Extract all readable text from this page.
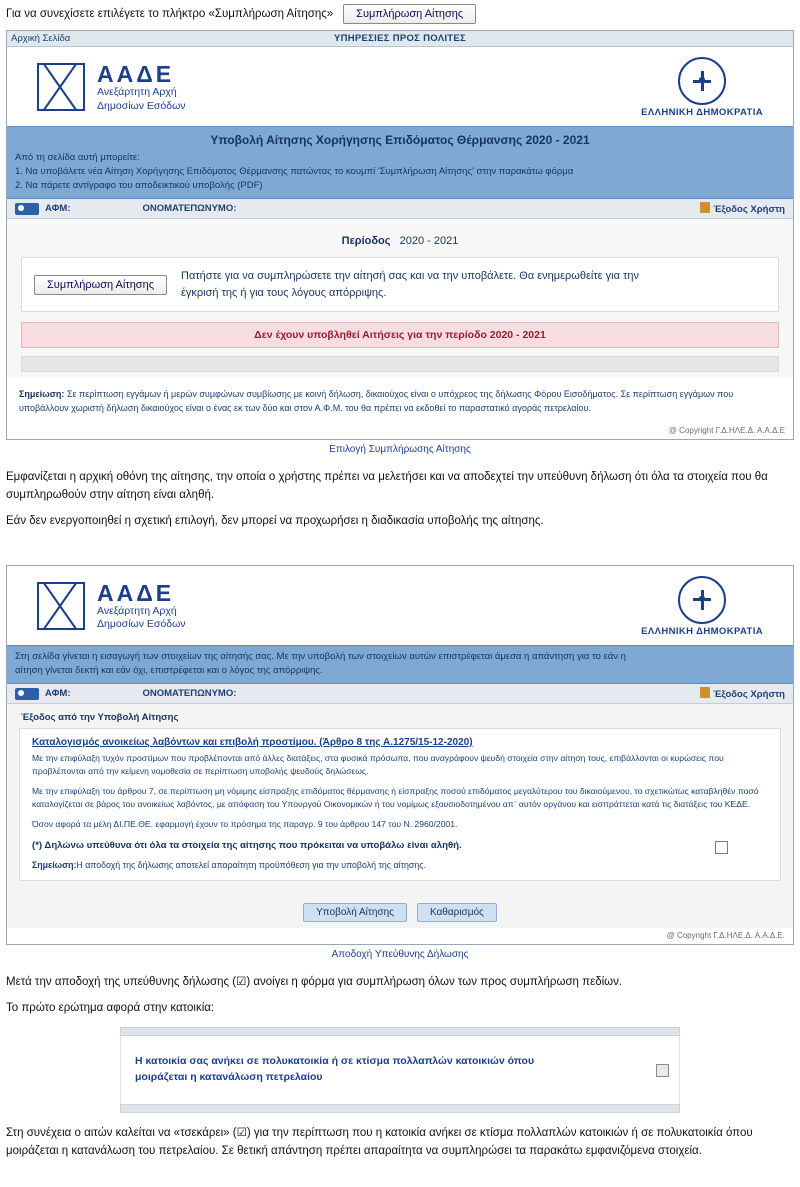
Για να συνεχίσετε επιλέγετε το πλήκτρο «Συμπλήρωση Αίτησης»	Συμπλήρωση Αίτησης
Αρχική Σελίδα	ΥΠΗΡΕΣΙΕΣ ΠΡΟΣ ΠΟΛΙΤΕΣ
ΑΑΔΕ
Ανεξάρτητη Αρχή
Δημοσίων Εσόδων
ΕΛΛΗΝΙΚΗ ΔΗΜΟΚΡΑΤΙΑ
Υποβολή Αίτησης Χορήγησης Επιδόματος Θέρμανσης 2020 - 2021
Από τη σελίδα αυτή μπορείτε:
1. Να υποβάλετε νέα Αίτηση Χορήγησης Επιδόματος Θέρμανσης πατώντας το κουμπί 'Συμπλήρωση Αίτησης' στην παρακάτω φόρμα
2. Να πάρετε αντίγραφο του αποδεικτικού υποβολής (PDF)
ΑΦΜ:	ΟΝΟΜΑΤΕΠΩΝΥΜΟ:	Έξοδος Χρήστη
Περίοδος 2020 - 2021
Συμπλήρωση Αίτησης
Πατήστε για να συμπληρώσετε την αίτησή σας και να την υποβάλετε. Θα ενημερωθείτε για την
έγκρισή της ή για τους λόγους απόρριψης.
Δεν έχουν υποβληθεί Αιτήσεις για την περίοδο 2020 - 2021
Σημείωση: Σε περίπτωση εγγάμων ή μερών συμφώνων συμβίωσης με κοινή δήλωση, δικαιούχος είναι ο υπόχρεος της δήλωσης Φόρου Εισοδήματος. Σε περίπτωση εγγάμων που υποβάλλουν χωριστή δήλωση δικαιούχος είναι ο ένας εκ των δύο και στον Α.Φ.Μ. του θα πρέπει να εκδοθεί το παραστατικό αγοράς πετρελαίου.
@ Copyright Γ.Δ.ΗΛΕ.Δ. Α.Α.Δ.Ε
Επιλογή Συμπλήρωσης Αίτησης

Εμφανίζεται η αρχική οθόνη της αίτησης, την οποία ο χρήστης πρέπει να μελετήσει και να αποδεχτεί την υπεύθυνη δήλωση ότι όλα τα στοιχεία που θα συμπληρωθούν στην αίτηση είναι αληθή.

Εάν δεν ενεργοποιηθεί η σχετική επιλογή, δεν μπορεί να προχωρήσει η διαδικασία υποβολής της αίτησης.

ΑΑΔΕ
Ανεξάρτητη Αρχή
Δημοσίων Εσόδων
ΕΛΛΗΝΙΚΗ ΔΗΜΟΚΡΑΤΙΑ
Στη σελίδα γίνεται η εισαγωγή των στοιχείων της αίτησής σας. Με την υποβολή των στοιχείων αυτών επιστρέφεται άμεσα η απάντηση για το εάν η
αίτηση γίνεται δεκτή και εάν όχι, επιστρέφεται και ο λόγος της απόρριψης.
ΑΦΜ:	ΟΝΟΜΑΤΕΠΩΝΥΜΟ:	Έξοδος Χρήστη
Έξοδος από την Υποβολή Αίτησης
Καταλογισμός ανοικείως λαβόντων και επιβολή προστίμου. (Άρθρο 8 της Α.1275/15-12-2020)
Με την επιφύλαξη τυχόν προστίμων που προβλέπονται από άλλες διατάξεις, στα φυσικά πρόσωπα, που αναγράφουν ψευδή στοιχεία στην αίτηση τους, επιβάλλονται οι κυρώσεις που προβλέπονται από την κείμενη νομοθεσία σε περίπτωση υποβολής ψευδούς δηλώσεως.
Με την επιφύλαξη του άρθρου 7, σε περίπτωση μη νόμιμης είσπραξης επιδόματος θέρμανσης ή είσπραξης ποσού επιδόματος μεγαλύτερου του δικαιούμενου, το σχετικώτως καταβληθέν ποσό καταλογίζεται σε βάρος του ανοικείως λαβόντος, με απόφαση του Υπουργού Οικονομικών ή του νομίμως εξουσιοδοτημένου απ᾽ αυτόν οργάνου και εισπράττεται κατά τις διατάξεις του ΚΕΔΕ.
Όσον αφορά τα μέλη ΔΙ.ΠΕ.ΘΕ. εφαρμογή έχουν το πρόσημα της παραγρ. 9 του άρθρου 147 του Ν. 2960/2001.
(*) Δηλώνω υπεύθυνα ότι όλα τα στοιχεία της αίτησης που πρόκειται να υποβάλω είναι αληθή.
Σημείωση:Η αποδοχή της δήλωσης αποτελεί απαραίτητη προϋπόθεση για την υποβολή της αίτησης.
Υποβολή Αίτησης	Καθαρισμός
@ Copyright Γ.Δ.ΗΛΕ.Δ. Α.Α.Δ.Ε.
Αποδοχή Υπεύθυνης Δήλωσης

Μετά την αποδοχή της υπεύθυνης δήλωσης (☑) ανοίγει η φόρμα για συμπλήρωση όλων των προς συμπλήρωση πεδίων.

Το πρώτο ερώτημα αφορά στην κατοικία:

Η κατοικία σας ανήκει σε πολυκατοικία ή σε κτίσμα πολλαπλών κατοικιών όπου
μοιράζεται η κατανάλωση πετρελαίου

Στη συνέχεια ο αιτών καλείται να «τσεκάρει» (☑) για την περίπτωση που η κατοικία ανήκει σε κτίσμα πολλαπλών κατοικιών ή σε πολυκατοικία όπου μοιράζεται η κατανάλωση του πετρελαίου. Σε θετική απάντηση πρέπει απαραίτητα να συμπληρώσει τα παρακάτω εμφανιζόμενα στοιχεία.
